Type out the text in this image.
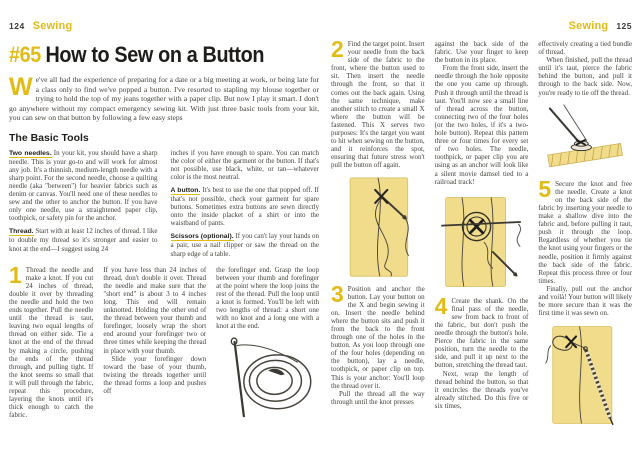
124 Sewing
#65 How to Sew on a Button

We've all had the experience of preparing for a date or a big meeting at work, or being late for a class only to find we've popped a button. I've resorted to stapling my blouse together or trying to hold the top of my jeans together with a paper clip. But now I play it smart. I don't go anywhere without my compact emergency sewing kit. With just three basic tools from your kit, you can sew on that button by following a few easy steps

The Basic Tools

Two needles. In your kit, you should have a sharp needle. This is your go-to and will work for almost any job. It's a thinnish, medium-length needle with a sharp point. For the second needle, choose a quilting needle (aka "between") for heavier fabrics such as denim or canvas. You'll need one of these needles to sew and the other to anchor the button. If you have only one needle, use a straightened paper clip, toothpick, or safety pin for the anchor.

Thread. Start with at least 12 inches of thread. I like to double my thread so it's stronger and easier to knot at the end—I suggest using 24

inches if you have enough to spare. You can match the color of either the garment or the button. If that's not possible, use black, white, or tan—whatever color is the most neutral.

A button. It's best to use the one that popped off. If that's not possible, check your garment for spare buttons. Sometimes extra buttons are sewn directly onto the inside placket of a shirt or into the waistband of pants.

Scissors (optional). If you can't lay your hands on a pair, use a nail clipper or saw the thread on the sharp edge of a table.

1 Thread the needle and make a knot. If you cut 24 inches of thread, double it over by threading the needle and hold the two ends together. Pull the needle until the thread is taut, leaving two equal lengths of thread on either side. Tie a knot at the end of the thread by making a circle, pushing the ends of the thread through, and pulling tight. If the knot seems so small that it will pull through the fabric, repeat this procedure, layering the knots until it's thick enough to catch the fabric.

If you have less than 24 inches of thread, don't double it over. Thread the needle and make sure that the "short end" is about 3 to 4 inches long. This end will remain unknotted. Holding the other end of the thread between your thumb and forefinger, loosely wrap the short end around your forefinger two or three times while keeping the thread in place with your thumb.

Slide your forefinger down toward the base of your thumb, twisting the threads together until the thread forms a loop and pushes off

the forefinger end. Grasp the loop between your thumb and forefinger at the point where the loop joins the rest of the thread. Pull the loop until a knot is formed. You'll be left with two lengths of thread: a short one with no knot and a long one with a knot at the end.

Sewing 125

2 Find the target point. Insert your needle from the back side of the fabric to the front, where the button used to sit. Then insert the needle through the front, so that it comes out the back again. Using the same technique, make another stitch to create a small X where the button will be fastened. This X serves two purposes: It's the target you want to hit when sewing on the button, and it reinforces the spot, ensuring that future stress won't pull the button off again.

3 Position and anchor the button. Lay your button on the X and begin sewing it on. Insert the needle behind where the button sits and push it from the back to the front through one of the holes in the button. As you loop through one of the four holes (depending on the button), lay a needle, toothpick, or paper clip on top. This is your anchor: You'll loop the thread over it.

Pull the thread all the way through until the knot presses

against the back side of the fabric. Use your finger to keep the button in its place.

From the front side, insert the needle through the hole opposite the one you came up through. Push it through until the thread is taut. You'll now see a small line of thread across the button, connecting two of the four holes (or the two holes, if it's a two-hole button). Repeat this pattern three or four times for every set of two holes. The needle, toothpick, or paper clip you are using as an anchor will look like a silent movie damsel tied to a railroad track!

4 Create the shank. On the final pass of the needle, sew from back to front of the fabric, but don't push the needle through the button's hole. Pierce the fabric in the same position, turn the needle to the side, and pull it up next to the button, stretching the thread taut.

Next, wrap the length of thread behind the button, so that it encircles the threads you've already stitched. Do this five or six times,

effectively creating a tied bundle of thread.

When finished, pull the thread until it's taut, pierce the fabric behind the button, and pull it through to the back side. Now, you're ready to tie off the thread.

5 Secure the knot and free the needle. Create a knot on the back side of the fabric by inserting your needle to make a shallow dive into the fabric and, before pulling it taut, push it through the loop. Regardless of whether you tie the knot using your fingers or the needle, position it firmly against the back side of the fabric. Repeat this process three or four times.

Finally, pull out the anchor and voilà! Your button will likely be more secure than it was the first time it was sewn on.
